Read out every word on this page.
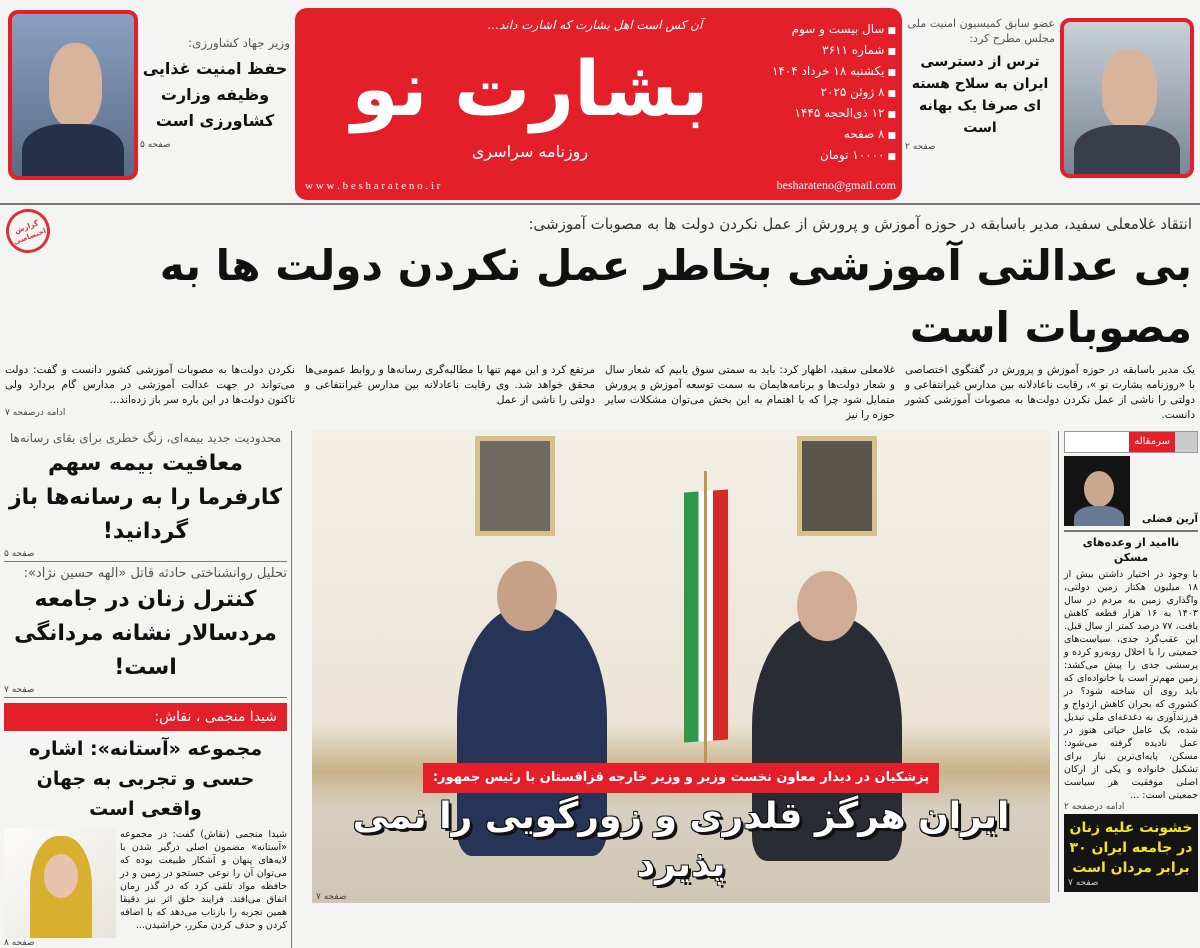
وزیر جهاد کشاورزی:
حفظ امنیت غذایی وظیفه وزارت کشاورزی است
صفحه ۵
آن کس است اهل بشارت که اشارت داند...
بشارت نو
روزنامه سراسری
■ سال بیست و سوم
■ شماره ۳۶۱۱
■ یکشنبه ۱۸ خرداد ۱۴۰۴
■ ۸ ژوئن ۲۰۲۵
■ ۱۲ ذی‌الحجه ۱۴۴۵
■ ۸ صفحه
■ ۱۰۰۰۰ تومان
w w w . b e s h a r a t e n o . i r	besharateno@gmail.com
عضو سابق کمیسیون امنیت ملی مجلس مطرح کرد:
ترس از دسترسی ایران به سلاح هسته ای صرفا یک بهانه است
صفحه ۲
گزارش اختصاصی
انتقاد غلامعلی سفید، مدیر باسابقه در حوزه آموزش و پرورش از عمل نکردن دولت ها به مصوبات آموزشی:
بی عدالتی آموزشی بخاطر عمل نکردن دولت ها به مصوبات است
یک مدیر باسابقه در حوزه آموزش و پرورش در گفتگوی اختصاصی با «روزنامه بشارت نو »، رقابت ناعادلانه بین مدارس غیرانتفاعی و دولتی را ناشی از عمل نکردن دولت‌ها به مصوبات آموزشی کشور دانست.
غلامعلی سفید، اظهار کرد: باید به سمتی سوق یابیم که شعار سال و شعار دولت‌ها و برنامه‌هایمان به سمت توسعه آموزش و پرورش متمایل شود چرا که با اهتمام به این بخش می‌توان مشکلات سایر حوزه را نیز
مرتفع کرد و این مهم تنها با مطالبه‌گری رسانه‌ها و روابط عمومی‌ها محقق خواهد شد. وی رقابت ناعادلانه بین مدارس غیرانتفاعی و دولتی را ناشی از عمل
نکردن دولت‌ها به مصوبات آموزشی کشور دانست و گفت: دولت می‌تواند در جهت عدالت آموزشی در مدارس گام بردارد ولی تاکنون دولت‌ها در این باره سر باز زده‌اند...
ادامه درصفحه ۷
محدودیت جدید بیمه‌ای، زنگ خطری برای بقای رسانه‌ها
معافیت بیمه سهم کارفرما را به رسانه‌ها باز گردانید!
صفحه ۵
تحلیل روانشناختی حادثه قاتل «الهه حسین نژاد»:
کنترل زنان در جامعه مردسالار نشانه مردانگی است!
صفحه ۷
شیدا منجمی ، نقاش:
مجموعه «آستانه»: اشاره حسی و تجربی به جهان واقعی است
شیدا منجمی (نقاش) گفت: در مجموعه «آستانه» مضمون اصلی درگیر شدن با لایه‌های پنهان و آشکار طبیعت بوده که می‌توان آن را نوعی جستجو در زمین و در حافظه مواد تلقی کرد که در گذر زمان اتفاق می‌افتد. فرایند خلق اثر نیز دقیقا همین تجربه را بازتاب می‌دهد که با اضافه کردن و حذف کردن مکرر، خراشیدن...
صفحه ۸
پزشکیان در دیدار معاون نخست وزیر و وزیر خارجه قزاقستان با رئیس جمهور:
ایران هرگز قلدری و زورگویی را نمی پذیرد
صفحه ۷
سرمقاله
آرین فضلی
ناامید از وعده‌های مسکن
با وجود در اختیار داشتن بیش از ۱۸ میلیون هکتار زمین دولتی، واگذاری زمین به مردم در سال ۱۴۰۳ به ۱۶ هزار قطعه کاهش یافت، ۷۷ درصد کمتر از سال قبل. این عقب‌گرد جدی، سیاست‌های جمعیتی را با اخلال روبه‌رو کرده و پرسشی جدی را پیش می‌کشد: زمین مهم‌تر است یا خانواده‌ای که باید روی آن ساخته شود؟ در کشوری که بحران کاهش ازدواج و فرزندآوری به دغدغه‌ای ملی تبدیل شده، یک عامل حیاتی هنوز در عمل نادیده گرفته می‌شود: مسکن، پایه‌ای‌ترین نیاز برای تشکیل خانواده و یکی از ارکان اصلی موفقیت هر سیاست جمعیتی است: ...
ادامه درصفحه ۲
خشونت علیه زنان در جامعه ایران ۳۰ برابر مردان است
صفحه ۷
